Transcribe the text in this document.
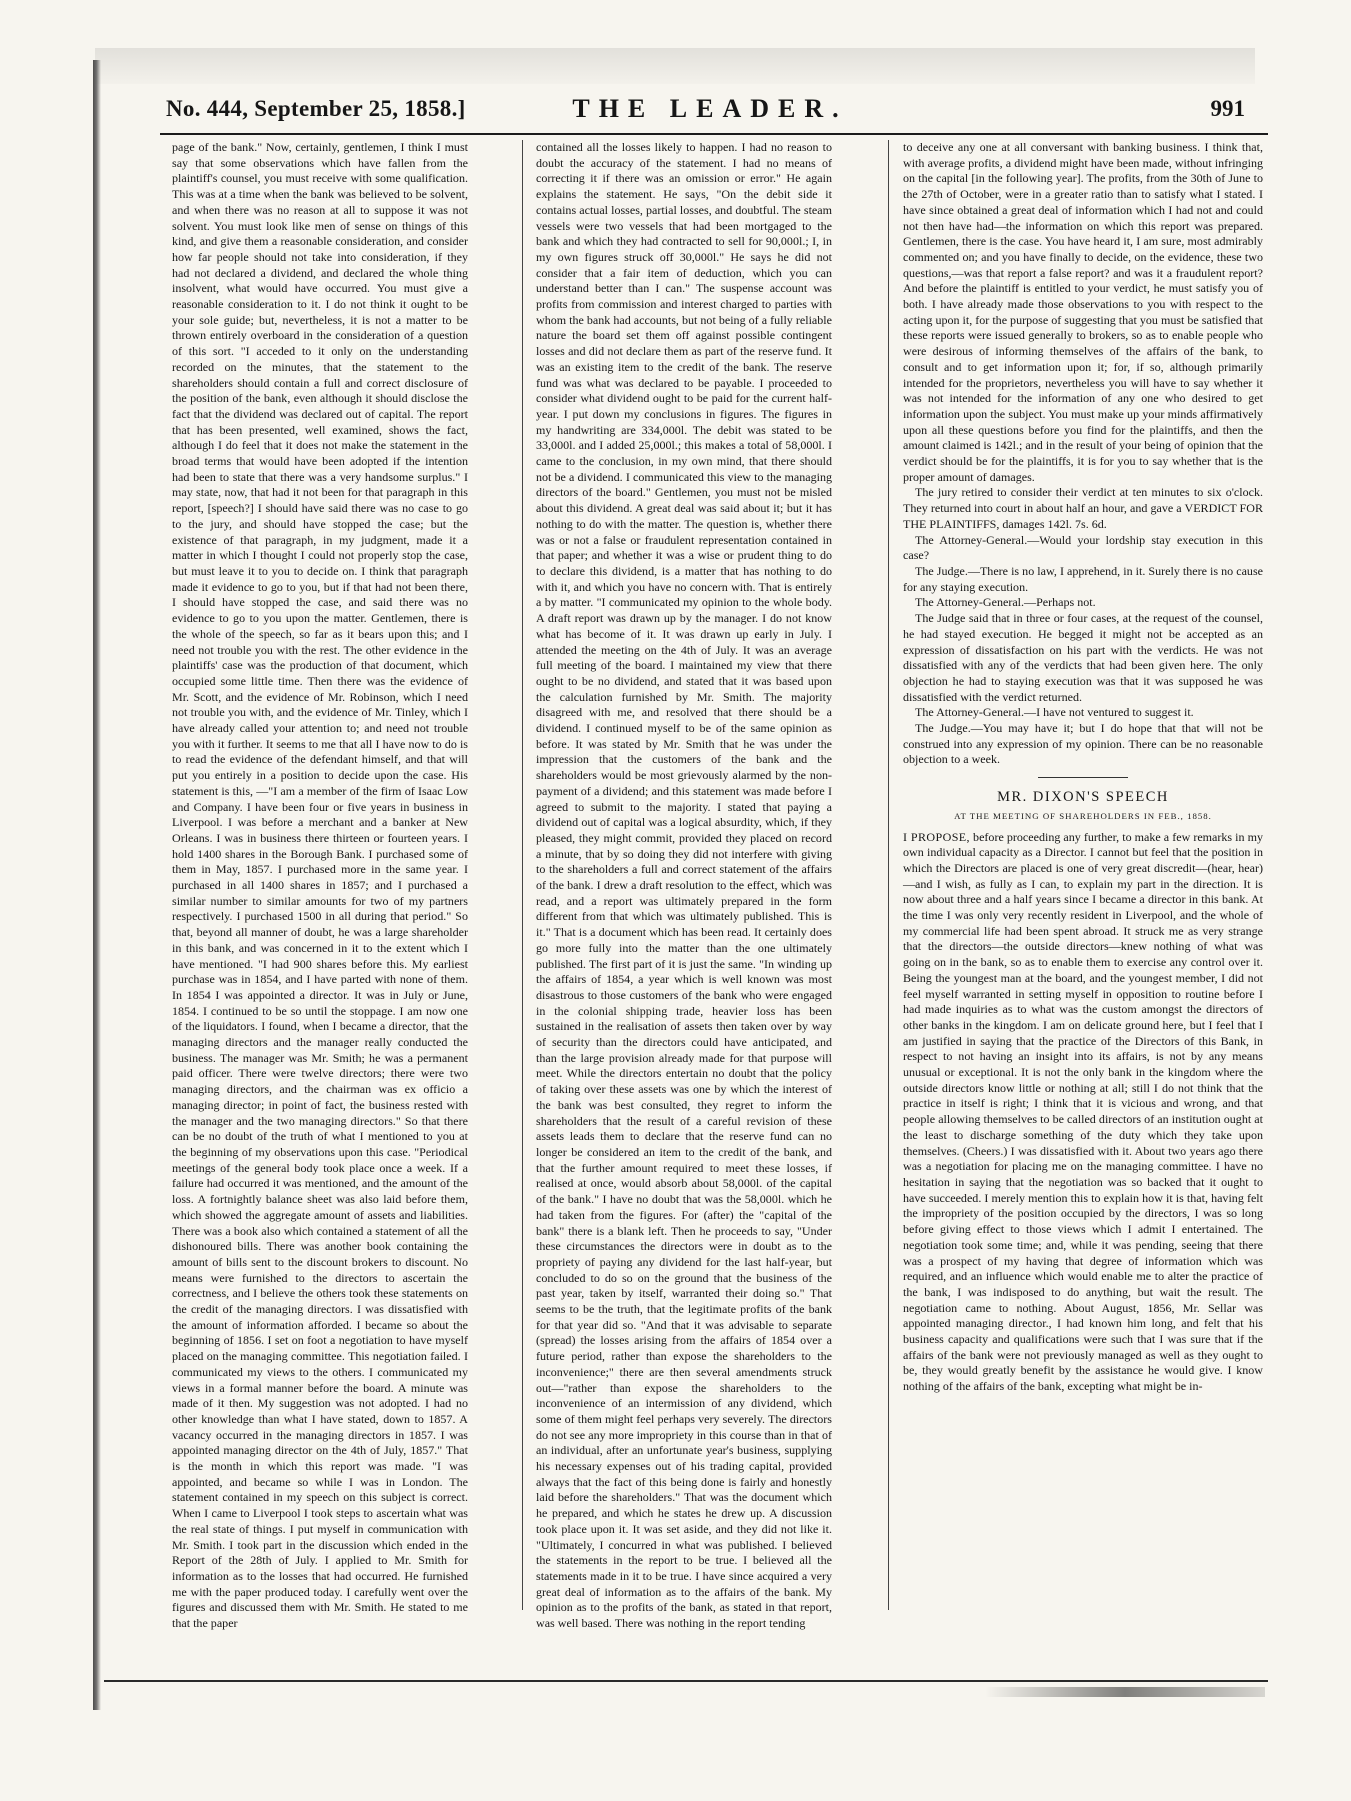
No. 444, September 25, 1858.]	THE LEADER.	991

page of the bank." Now, certainly, gentlemen, I think I must say that some observations which have fallen from the plaintiff's counsel, you must receive with some qualification. This was at a time when the bank was believed to be solvent, and when there was no reason at all to suppose it was not solvent. You must look like men of sense on things of this kind, and give them a reasonable consideration, and consider how far people should not take into consideration, if they had not declared a dividend, and declared the whole thing insolvent, what would have occurred. You must give a reasonable consideration to it. I do not think it ought to be your sole guide; but, nevertheless, it is not a matter to be thrown entirely overboard in the consideration of a question of this sort. "I acceded to it only on the understanding recorded on the minutes, that the statement to the shareholders should contain a full and correct disclosure of the position of the bank, even although it should disclose the fact that the dividend was declared out of capital. The report that has been presented, well examined, shows the fact, although I do feel that it does not make the statement in the broad terms that would have been adopted if the intention had been to state that there was a very handsome surplus." I may state, now, that had it not been for that paragraph in this report, [speech?] I should have said there was no case to go to the jury, and should have stopped the case; but the existence of that paragraph, in my judgment, made it a matter in which I thought I could not properly stop the case, but must leave it to you to decide on. I think that paragraph made it evidence to go to you, but if that had not been there, I should have stopped the case, and said there was no evidence to go to you upon the matter. Gentlemen, there is the whole of the speech, so far as it bears upon this; and I need not trouble you with the rest. The other evidence in the plaintiffs' case was the production of that document, which occupied some little time. Then there was the evidence of Mr. Scott, and the evidence of Mr. Robinson, which I need not trouble you with, and the evidence of Mr. Tinley, which I have already called your attention to; and need not trouble you with it further. It seems to me that all I have now to do is to read the evidence of the defendant himself, and that will put you entirely in a position to decide upon the case. His statement is this, —"I am a member of the firm of Isaac Low and Company. I have been four or five years in business in Liverpool. I was before a merchant and a banker at New Orleans. I was in business there thirteen or fourteen years. I hold 1400 shares in the Borough Bank. I purchased some of them in May, 1857. I purchased more in the same year. I purchased in all 1400 shares in 1857; and I purchased a similar number to similar amounts for two of my partners respectively. I purchased 1500 in all during that period." So that, beyond all manner of doubt, he was a large shareholder in this bank, and was concerned in it to the extent which I have mentioned. "I had 900 shares before this. My earliest purchase was in 1854, and I have parted with none of them. In 1854 I was appointed a director. It was in July or June, 1854. I continued to be so until the stoppage. I am now one of the liquidators. I found, when I became a director, that the managing directors and the manager really conducted the business. The manager was Mr. Smith; he was a permanent paid officer. There were twelve directors; there were two managing directors, and the chairman was ex officio a managing director; in point of fact, the business rested with the manager and the two managing directors." So that there can be no doubt of the truth of what I mentioned to you at the beginning of my observations upon this case. "Periodical meetings of the general body took place once a week. If a failure had occurred it was mentioned, and the amount of the loss. A fortnightly balance sheet was also laid before them, which showed the aggregate amount of assets and liabilities. There was a book also which contained a statement of all the dishonoured bills. There was another book containing the amount of bills sent to the discount brokers to discount. No means were furnished to the directors to ascertain the correctness, and I believe the others took these statements on the credit of the managing directors. I was dissatisfied with the amount of information afforded. I became so about the beginning of 1856. I set on foot a negotiation to have myself placed on the managing committee. This negotiation failed. I communicated my views to the others. I communicated my views in a formal manner before the board. A minute was made of it then. My suggestion was not adopted. I had no other knowledge than what I have stated, down to 1857. A vacancy occurred in the managing directors in 1857. I was appointed managing director on the 4th of July, 1857." That is the month in which this report was made. "I was appointed, and became so while I was in London. The statement contained in my speech on this subject is correct. When I came to Liverpool I took steps to ascertain what was the real state of things. I put myself in communication with Mr. Smith. I took part in the discussion which ended in the Report of the 28th of July. I applied to Mr. Smith for information as to the losses that had occurred. He furnished me with the paper produced today. I carefully went over the figures and discussed them with Mr. Smith. He stated to me that the paper

contained all the losses likely to happen. I had no reason to doubt the accuracy of the statement. I had no means of correcting it if there was an omission or error." He again explains the statement. He says, "On the debit side it contains actual losses, partial losses, and doubtful. The steam vessels were two vessels that had been mortgaged to the bank and which they had contracted to sell for 90,000l.; I, in my own figures struck off 30,000l." He says he did not consider that a fair item of deduction, which you can understand better than I can." The suspense account was profits from commission and interest charged to parties with whom the bank had accounts, but not being of a fully reliable nature the board set them off against possible contingent losses and did not declare them as part of the reserve fund. It was an existing item to the credit of the bank. The reserve fund was what was declared to be payable. I proceeded to consider what dividend ought to be paid for the current half-year. I put down my conclusions in figures. The figures in my handwriting are 334,000l. The debit was stated to be 33,000l. and I added 25,000l.; this makes a total of 58,000l. I came to the conclusion, in my own mind, that there should not be a dividend. I communicated this view to the managing directors of the board." Gentlemen, you must not be misled about this dividend. A great deal was said about it; but it has nothing to do with the matter. The question is, whether there was or not a false or fraudulent representation contained in that paper; and whether it was a wise or prudent thing to do to declare this dividend, is a matter that has nothing to do with it, and which you have no concern with. That is entirely a by matter. "I communicated my opinion to the whole body. A draft report was drawn up by the manager. I do not know what has become of it. It was drawn up early in July. I attended the meeting on the 4th of July. It was an average full meeting of the board. I maintained my view that there ought to be no dividend, and stated that it was based upon the calculation furnished by Mr. Smith. The majority disagreed with me, and resolved that there should be a dividend. I continued myself to be of the same opinion as before. It was stated by Mr. Smith that he was under the impression that the customers of the bank and the shareholders would be most grievously alarmed by the non-payment of a dividend; and this statement was made before I agreed to submit to the majority. I stated that paying a dividend out of capital was a logical absurdity, which, if they pleased, they might commit, provided they placed on record a minute, that by so doing they did not interfere with giving to the shareholders a full and correct statement of the affairs of the bank. I drew a draft resolution to the effect, which was read, and a report was ultimately prepared in the form different from that which was ultimately published. This is it." That is a document which has been read. It certainly does go more fully into the matter than the one ultimately published. The first part of it is just the same. "In winding up the affairs of 1854, a year which is well known was most disastrous to those customers of the bank who were engaged in the colonial shipping trade, heavier loss has been sustained in the realisation of assets then taken over by way of security than the directors could have anticipated, and than the large provision already made for that purpose will meet. While the directors entertain no doubt that the policy of taking over these assets was one by which the interest of the bank was best consulted, they regret to inform the shareholders that the result of a careful revision of these assets leads them to declare that the reserve fund can no longer be considered an item to the credit of the bank, and that the further amount required to meet these losses, if realised at once, would absorb about 58,000l. of the capital of the bank." I have no doubt that was the 58,000l. which he had taken from the figures. For (after) the "capital of the bank" there is a blank left. Then he proceeds to say, "Under these circumstances the directors were in doubt as to the propriety of paying any dividend for the last half-year, but concluded to do so on the ground that the business of the past year, taken by itself, warranted their doing so." That seems to be the truth, that the legitimate profits of the bank for that year did so. "And that it was advisable to separate (spread) the losses arising from the affairs of 1854 over a future period, rather than expose the shareholders to the inconvenience;" there are then several amendments struck out—"rather than expose the shareholders to the inconvenience of an intermission of any dividend, which some of them might feel perhaps very severely. The directors do not see any more impropriety in this course than in that of an individual, after an unfortunate year's business, supplying his necessary expenses out of his trading capital, provided always that the fact of this being done is fairly and honestly laid before the shareholders." That was the document which he prepared, and which he states he drew up. A discussion took place upon it. It was set aside, and they did not like it. "Ultimately, I concurred in what was published. I believed the statements in the report to be true. I believed all the statements made in it to be true. I have since acquired a very great deal of information as to the affairs of the bank. My opinion as to the profits of the bank, as stated in that report, was well based. There was nothing in the report tending

to deceive any one at all conversant with banking business. I think that, with average profits, a dividend might have been made, without infringing on the capital [in the following year]. The profits, from the 30th of June to the 27th of October, were in a greater ratio than to satisfy what I stated. I have since obtained a great deal of information which I had not and could not then have had—the information on which this report was prepared. Gentlemen, there is the case. You have heard it, I am sure, most admirably commented on; and you have finally to decide, on the evidence, these two questions,—was that report a false report? and was it a fraudulent report? And before the plaintiff is entitled to your verdict, he must satisfy you of both. I have already made those observations to you with respect to the acting upon it, for the purpose of suggesting that you must be satisfied that these reports were issued generally to brokers, so as to enable people who were desirous of informing themselves of the affairs of the bank, to consult and to get information upon it; for, if so, although primarily intended for the proprietors, nevertheless you will have to say whether it was not intended for the information of any one who desired to get information upon the subject. You must make up your minds affirmatively upon all these questions before you find for the plaintiffs, and then the amount claimed is 142l.; and in the result of your being of opinion that the verdict should be for the plaintiffs, it is for you to say whether that is the proper amount of damages.

The jury retired to consider their verdict at ten minutes to six o'clock. They returned into court in about half an hour, and gave a VERDICT FOR THE PLAINTIFFS, damages 142l. 7s. 6d.

The Attorney-General.—Would your lordship stay execution in this case?

The Judge.—There is no law, I apprehend, in it. Surely there is no cause for any staying execution.

The Attorney-General.—Perhaps not.

The Judge said that in three or four cases, at the request of the counsel, he had stayed execution. He begged it might not be accepted as an expression of dissatisfaction on his part with the verdicts. He was not dissatisfied with any of the verdicts that had been given here. The only objection he had to staying execution was that it was supposed he was dissatisfied with the verdict returned.

The Attorney-General.—I have not ventured to suggest it.

The Judge.—You may have it; but I do hope that that will not be construed into any expression of my opinion. There can be no reasonable objection to a week.

MR. DIXON'S SPEECH
AT THE MEETING OF SHAREHOLDERS IN FEB., 1858.

I PROPOSE, before proceeding any further, to make a few remarks in my own individual capacity as a Director. I cannot but feel that the position in which the Directors are placed is one of very great discredit—(hear, hear)—and I wish, as fully as I can, to explain my part in the direction. It is now about three and a half years since I became a director in this bank. At the time I was only very recently resident in Liverpool, and the whole of my commercial life had been spent abroad. It struck me as very strange that the directors—the outside directors—knew nothing of what was going on in the bank, so as to enable them to exercise any control over it. Being the youngest man at the board, and the youngest member, I did not feel myself warranted in setting myself in opposition to routine before I had made inquiries as to what was the custom amongst the directors of other banks in the kingdom. I am on delicate ground here, but I feel that I am justified in saying that the practice of the Directors of this Bank, in respect to not having an insight into its affairs, is not by any means unusual or exceptional. It is not the only bank in the kingdom where the outside directors know little or nothing at all; still I do not think that the practice in itself is right; I think that it is vicious and wrong, and that people allowing themselves to be called directors of an institution ought at the least to discharge something of the duty which they take upon themselves. (Cheers.) I was dissatisfied with it. About two years ago there was a negotiation for placing me on the managing committee. I have no hesitation in saying that the negotiation was so backed that it ought to have succeeded. I merely mention this to explain how it is that, having felt the impropriety of the position occupied by the directors, I was so long before giving effect to those views which I admit I entertained. The negotiation took some time; and, while it was pending, seeing that there was a prospect of my having that degree of information which was required, and an influence which would enable me to alter the practice of the bank, I was indisposed to do anything, but wait the result. The negotiation came to nothing. About August, 1856, Mr. Sellar was appointed managing director., I had known him long, and felt that his business capacity and qualifications were such that I was sure that if the affairs of the bank were not previously managed as well as they ought to be, they would greatly benefit by the assistance he would give. I know nothing of the affairs of the bank, excepting what might be in-
